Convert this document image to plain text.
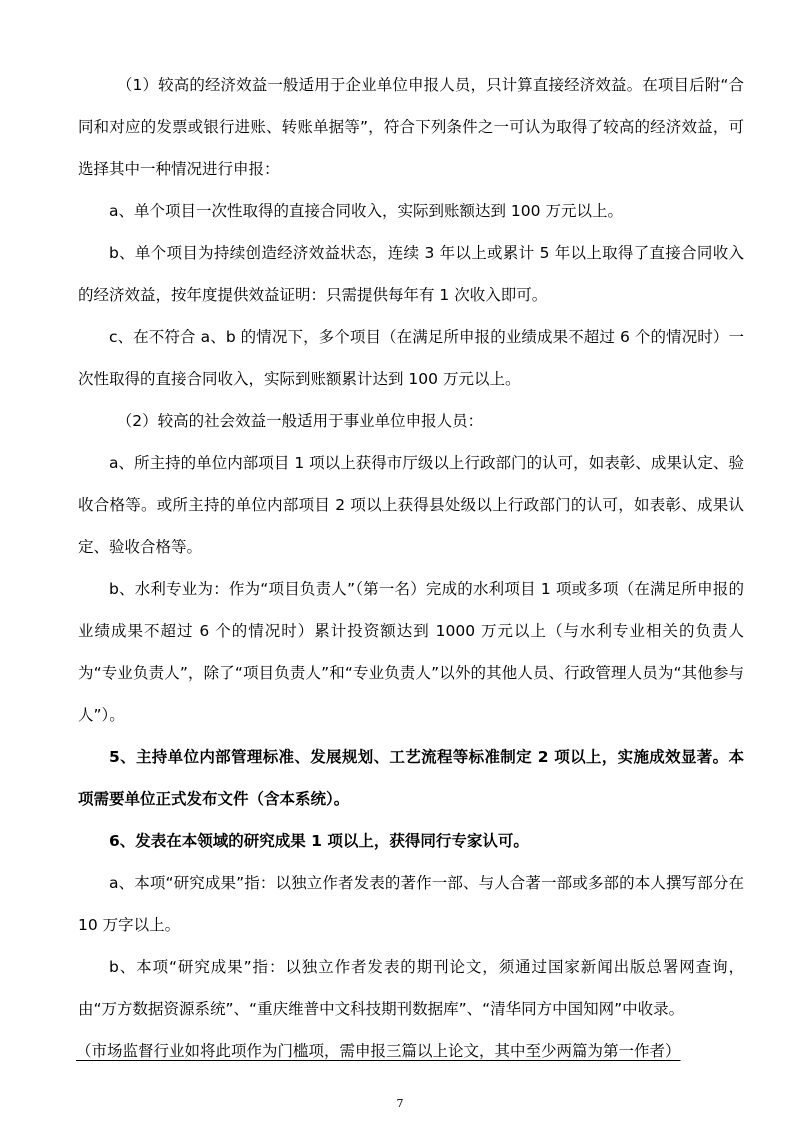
　（1）较高的经济效益一般适用于企业单位申报人员，只计算直接经济效益。在项目后附“合同和对应的发票或银行进账、转账单据等”，符合下列条件之一可认为取得了较高的经济效益，可选择其中一种情况进行申报：

a、单个项目一次性取得的直接合同收入，实际到账额达到 100 万元以上。

b、单个项目为持续创造经济效益状态，连续 3 年以上或累计 5 年以上取得了直接合同收入的经济效益，按年度提供效益证明：只需提供每年有 1 次收入即可。

c、在不符合 a、b 的情况下，多个项目（在满足所申报的业绩成果不超过 6 个的情况时）一次性取得的直接合同收入，实际到账额累计达到 100 万元以上。

　（2）较高的社会效益一般适用于事业单位申报人员：

a、所主持的单位内部项目 1 项以上获得市厅级以上行政部门的认可，如表彰、成果认定、验收合格等。或所主持的单位内部项目 2 项以上获得县处级以上行政部门的认可，如表彰、成果认定、验收合格等。

b、水利专业为：作为“项目负责人”（第一名）完成的水利项目 1 项或多项（在满足所申报的业绩成果不超过 6 个的情况时）累计投资额达到 1000 万元以上（与水利专业相关的负责人为“专业负责人”，除了“项目负责人”和“专业负责人”以外的其他人员、行政管理人员为“其他参与人”）。

5、主持单位内部管理标准、发展规划、工艺流程等标准制定 2 项以上，实施成效显著。本项需要单位正式发布文件（含本系统）。

6、发表在本领域的研究成果 1 项以上，获得同行专家认可。

a、本项“研究成果”指：以独立作者发表的著作一部、与人合著一部或多部的本人撰写部分在 10 万字以上。

b、本项“研究成果”指：以独立作者发表的期刊论文，须通过国家新闻出版总署网查询，由“万方数据资源系统”、“重庆维普中文科技期刊数据库”、“清华同方中国知网”中收录。

（市场监督行业如将此项作为门槛项，需申报三篇以上论文，其中至少两篇为第一作者）

7
